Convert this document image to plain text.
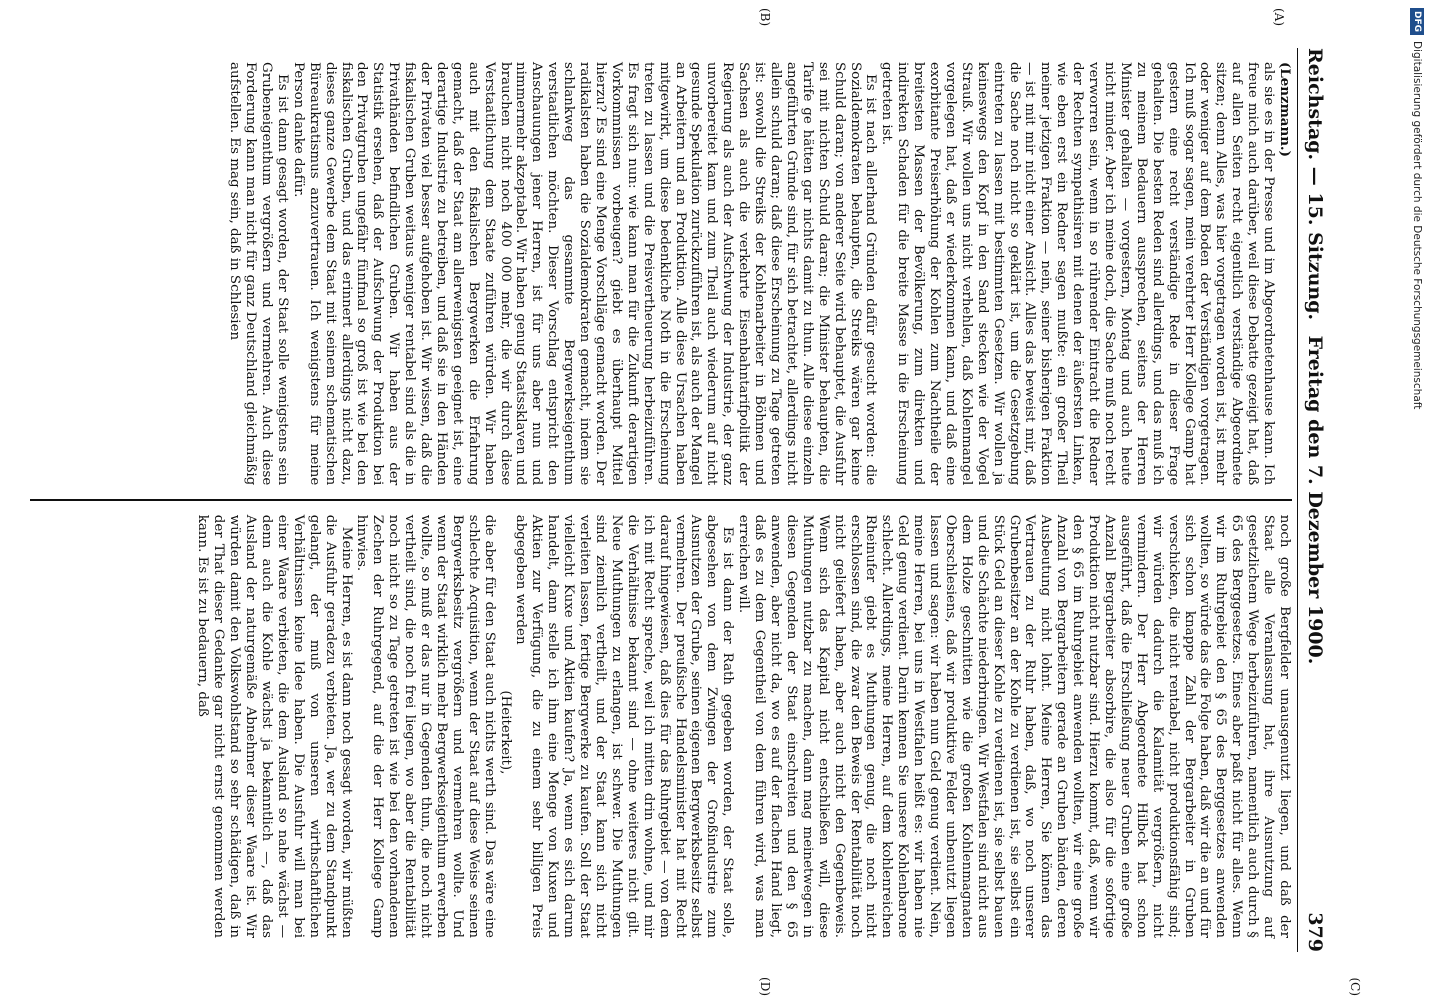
Reichstag. — 15. Sitzung.
Freitag den 7. Dezember 1900.
379
(A)
(B)

(Lenzmann.)

als sie es in der Presse und im Abgeordnetenhause kann. Ich freue mich auch darüber, weil diese Debatte gezeigt hat, daß auf allen Seiten recht eigentlich verständige Abgeordnete sitzen; denn Alles, was hier vorgetragen worden ist, ist mehr oder weniger auf dem Boden der Verständigen vorgetragen. Ich muß sogar sagen, mein verehrter Herr Kollege Gamp hat gestern eine recht verständige Rede in dieser Frage gehalten. Die besten Reden sind allerdings, und das muß ich zu meinem Bedauern aussprechen, seitens der Herren Minister gehalten — vorgestern, Montag und auch heute nicht minder. Aber ich meine doch, die Sache muß noch recht verworren sein, wenn in so rührender Eintracht die Redner der Rechten sympathisiren mit denen der äußersten Linken, wie eben erst ein Redner sagen mußte: ein großer Theil meiner jetzigen Fraktion — nein, seiner bisherigen Fraktion — ist mit mir nicht einer Ansicht. Alles das beweist mir, daß die Sache noch nicht so geklärt ist, um die Gesetzgebung eintreten zu lassen mit bestimmten Gesetzen. Wir wollen ja keineswegs den Kopf in den Sand stecken wie der Vogel Strauß. Wir wollen uns nicht verhehlen, daß Kohlenmangel vorgelegen hat, daß er wiederkommen kann, und daß eine exorbitante Preiserhöhung der Kohlen zum Nachtheile der breitesten Massen der Bevölkerung, zum direkten und indirekten Schaden für die breite Masse in die Erscheinung getreten ist.

Es ist nach allerhand Gründen dafür gesucht worden: die Sozialdemokraten behaupten, die Streiks wären gar keine Schuld daran; von anderer Seite wird behauptet, die Ausfuhr sei mit nichten Schuld daran; die Minister behaupten, die Tarife ge hätten gar nichts damit zu thun. Alle diese einzeln angeführten Gründe sind, für sich betrachtet, allerdings nicht allein schuld daran; daß diese Erscheinung zu Tage getreten ist: sowohl die Streiks der Kohlenarbeiter in Böhmen und Sachsen als auch die verkehrte Eisenbahntarifpolitik der Regierung als auch der Aufschwung der Industrie, der ganz unvorbereitet kam und zum Theil auch wiederum auf nicht gesunde Spekulation zurückzuführen ist, als auch der Mangel an Arbeitern und an Produktion. Alle diese Ursachen haben mitgewirkt, um diese bedenkliche Noth in die Erscheinung treten zu lassen und die Preisvertheuerung herbeizuführen. Es fragt sich nun: wie kann man für die Zukunft derartigen Vorkommnissen vorbeugen? giebt es überhaupt Mittel hierzu? Es sind eine Menge Vorschläge gemacht worden. Der radikalsten haben die Sozialdemokraten gemacht, indem sie schlankweg das gesammte Bergwerkseigenthum verstaatlichen möchten. Dieser Vorschlag entspricht den Anschauungen jener Herren, ist für uns aber nun und nimmermehr akzeptabel. Wir haben genug Staatssklaven und brauchen nicht noch 400 000 mehr, die wir durch diese Verstaatlichung dem Staate zuführen würden. Wir haben auch mit den fiskalischen Bergwerken die Erfahrung gemacht, daß der Staat am allerwenigsten geeignet ist, eine derartige Industrie zu betreiben, und daß sie in den Händen der Privaten viel besser aufgehoben ist. Wir wissen, daß die fiskalischen Gruben weitaus weniger rentabel sind als die in Privathänden befindlichen Gruben. Wir haben aus der Statistik ersehen, daß der Aufschwung der Produktion bei den Privatgruben ungefähr fünfmal so groß ist wie bei den fiskalischen Gruben, und das erinnert allerdings nicht dazu, dieses ganze Gewerbe dem Staat mit seinem schematischen Büreaukratismus anzuvertrauen. Ich wenigstens für meine Person danke dafür.

Es ist dann gesagt worden, der Staat solle wenigstens sein Grubeneigenthum vergrößern und vermehren. Auch diese Forderung kann man nicht für ganz Deutschland gleichmäßig aufstellen. Es mag sein, daß in Schlesien

(C)
(D)

noch große Bergfelder unausgenutzt liegen, und daß der Staat alle Veranlassung hat, ihre Ausnutzung auf gesetzlichem Wege herbeizuführen, namentlich auch durch § 65 des Berggesetzes. Eines aber paßt nicht für alles. Wenn wir im Ruhrgebiet den § 65 des Berggesetzes anwenden wollten, so würde das die Folge haben, daß wir die an und für sich schon knappe Zahl der Bergarbeiter in Gruben verschicken, die nicht rentabel, nicht produktionsfähig sind; wir würden dadurch die Kalamität vergrößern, nicht vermindern. Der Herr Abgeordnete Hilbck hat schon ausgeführt, daß die Erschließung neuer Gruben eine große Anzahl Bergarbeiter absorbire, die also für die sofortige Produktion nicht nutzbar sind. Hierzu kommt, daß, wenn wir den § 65 im Ruhrgebiet anwenden wollten, wir eine große Anzahl von Bergarbeitern gerade an Gruben bänden, deren Ausbeutung nicht lohnt. Meine Herren, Sie können das Vertrauen zu der Ruhr haben, daß, wo noch unserer Grubenbesitzer an der Kohle zu verdienen ist, sie selbst ein Stück Geld an dieser Kohle zu verdienen ist, sie selbst bauen und die Schächte niederbringen. Wir Westfalen sind nicht aus dem Holze geschnitten wie die großen Kohlenmagnaten Oberschlesiens, daß wir produktive Felder unbenutzt liegen lassen und sagen: wir haben nun Geld genug verdient. Nein, meine Herren, bei uns in Westfalen heißt es: wir haben nie Geld genug verdient. Darin kennen Sie unsere Kohlenbarone schlecht. Allerdings, meine Herren, auf dem kohlenreichen Rheinufer giebt es Muthungen genug, die noch nicht erschlossen sind, die zwar den Beweis der Rentabilität noch nicht geliefert haben, aber auch nicht den Gegenbeweis. Wenn sich das Kapital nicht entschließen will, diese Muthungen nutzbar zu machen, dann mag meinetwegen in diesen Gegenden der Staat einschreiten und den § 65 anwenden, aber nicht da, wo es auf der flachen Hand liegt, daß es zu dem Gegentheil von dem führen wird, was man erreichen will.

Es ist dann der Rath gegeben worden, der Staat solle, abgesehen von dem Zwingen der Großindustrie zum Ausnutzen der Grube, seinen eigenen Bergwerksbesitz selbst vermehren. Der preußische Handelsminister hat mit Recht darauf hingewiesen, daß dies für das Ruhrgebiet — von dem ich mit Recht spreche, weil ich mitten drin wohne, und mir die Verhältnisse bekannt sind — ohne weiteres nicht gilt. Neue Muthungen zu erlangen, ist schwer. Die Muthungen sind ziemlich vertheilt, und der Staat kann sich nicht verleiten lassen, fertige Bergwerke zu kaufen. Soll der Staat vielleicht Kuxe und Aktien kaufen? Ja, wenn es sich darum handelt, dann stelle ich ihm eine Menge von Kuxen und Aktien zur Verfügung, die zu einem sehr billigen Preis abgegeben werden

(Heiterkeit),

die aber für den Staat auch nichts werth sind. Das wäre eine schlechte Acquisition, wenn der Staat auf diese Weise seinen Bergwerksbesitz vergrößern und vermehren wollte. Und wenn der Staat wirklich mehr Bergwerkseigenthum erwerben wollte, so muß er das nur in Gegenden thun, die noch nicht vertheilt sind, die noch frei liegen, wo aber die Rentabilität noch nicht so zu Tage getreten ist wie bei den vorhandenen Zechen der Ruhrgegend, auf die der Herr Kollege Gamp hinwies.

Meine Herren, es ist dann noch gesagt worden, wir müßten die Ausfuhr geradezu verbieten. Ja, wer zu dem Standpunkt gelangt, der muß von unseren wirthschaftlichen Verhältnissen keine Idee haben. Die Ausfuhr will man bei einer Waare verbieten, die dem Ausland so nahe wächst — denn auch die Kohle wächst ja bekanntlich —, daß das Ausland der naturgemäße Abnehmer dieser Waare ist. Wir würden damit den Volkswohlstand so sehr schädigen, daß in der That dieser Gedanke gar nicht ernst genommen werden kann. Es ist zu bedauern, daß

DFG
Digitalisierung gefördert durch die Deutsche Forschungsgemeinschaft
